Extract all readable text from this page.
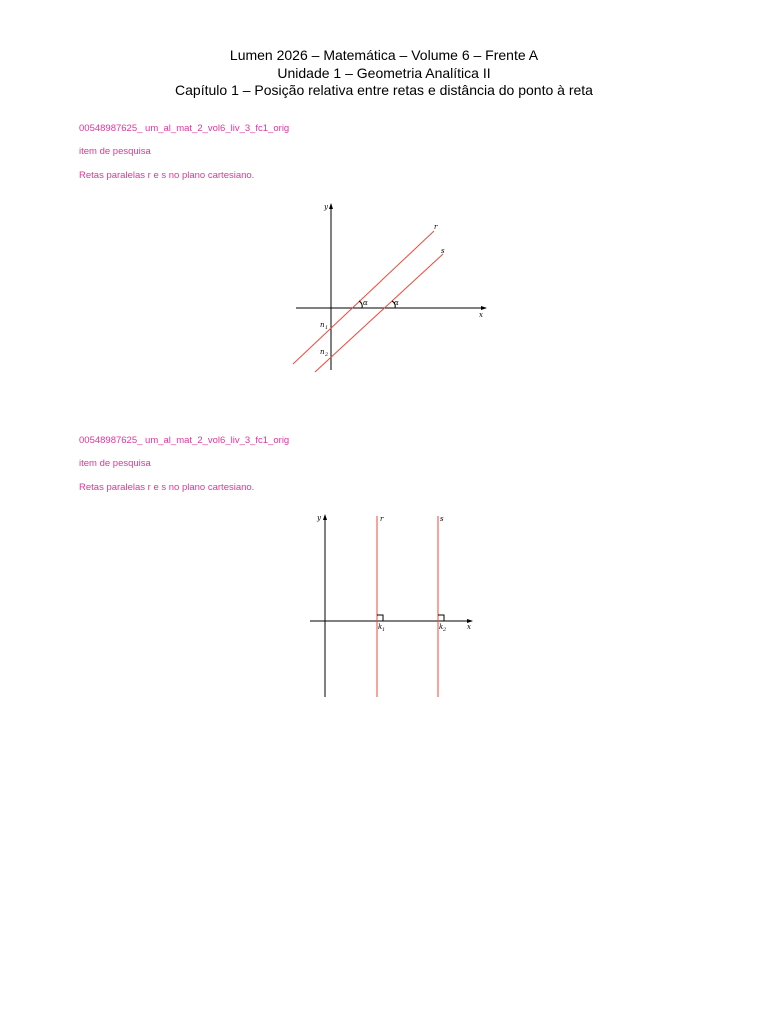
Lumen 2026 – Matemática – Volume 6 – Frente A
Unidade 1 – Geometria Analítica II
Capítulo 1 – Posição relativa entre retas e distância do ponto à reta
00548987625_ um_al_mat_2_vol6_liv_3_fc1_orig
item de pesquisa
Retas paralelas r e s no plano cartesiano.
y
x
r
s
α	α
n 1
n 2
00548987625_ um_al_mat_2_vol6_liv_3_fc1_orig
item de pesquisa
Retas paralelas r e s no plano cartesiano.
y
x
r	s
k 1	k 2
